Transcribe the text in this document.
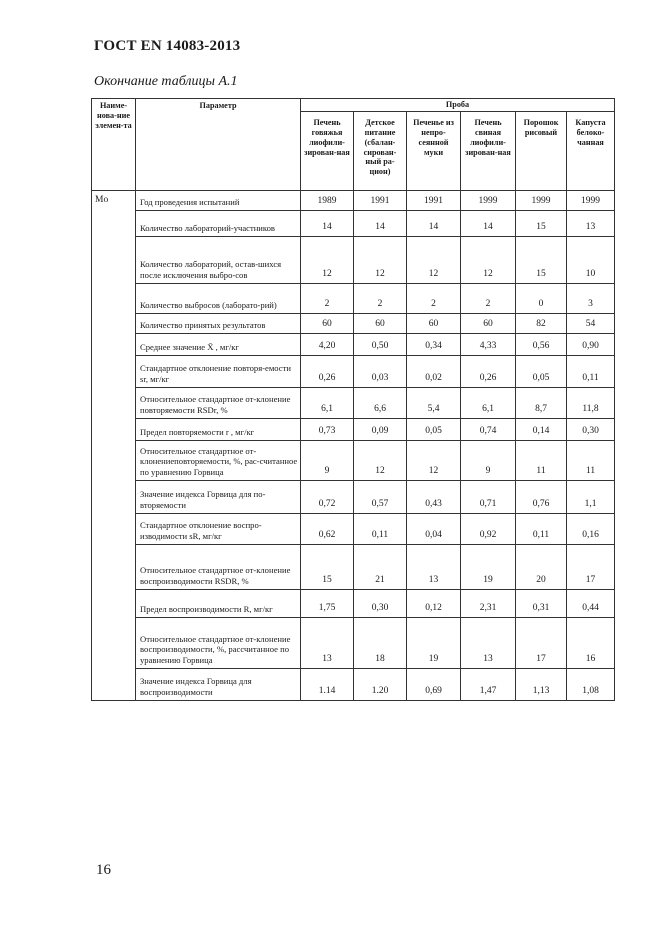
ГОСТ EN 14083-2013
Окончание таблицы А.1
Наиме-нова-ние элемен-та	Параметр	Проба					
		Печень говяжья лиофили-зирован-ная	Детское питание (сбалан-сирован-ный ра-цион)	Печенье из непро-сеянной муки	Печень свиная лиофили-зирован-ная	Порошок рисовый	Капуста белоко-чанная
Mo	Год проведения испытаний	1989	1991	1991	1999	1999	1999
	Количество лабораторий-участников	14	14	14	14	15	13
	Количество лабораторий, остав-шихся после исключения выбро-сов	12	12	12	12	15	10
	Количество выбросов (лаборато-рий)	2	2	2	2	0	3
	Количество принятых результатов	60	60	60	60	82	54
	Среднее значение X̄ , мг/кг	4,20	0,50	0,34	4,33	0,56	0,90
	Стандартное отклонение повторя-емости sr, мг/кг	0,26	0,03	0,02	0,26	0,05	0,11
	Относительное стандартное от-клонение повторяемости RSDr, %	6,1	6,6	5,4	6,1	8,7	11,8
	Предел повторяемости r , мг/кг	0,73	0,09	0,05	0,74	0,14	0,30
	Относительное стандартное от-клонениеповторяемости, %, рас-считанное по уравнению Горвица	9	12	12	9	11	11
	Значение индекса Горвица для по-вторяемости	0,72	0,57	0,43	0,71	0,76	1,1
	Стандартное отклонение воспро-изводимости sR, мг/кг	0,62	0,11	0,04	0,92	0,11	0,16
	Относительное стандартное от-клонение воспроизводимости RSDR, %	15	21	13	19	20	17
	Предел воспроизводимости R, мг/кг	1,75	0,30	0,12	2,31	0,31	0,44
	Относительное стандартное от-клонение воспроизводимости, %, рассчитанное по уравнению Горвица	13	18	19	13	17	16
	Значение индекса Горвица для воспроизводимости	1.14	1.20	0,69	1,47	1,13	1,08
16
